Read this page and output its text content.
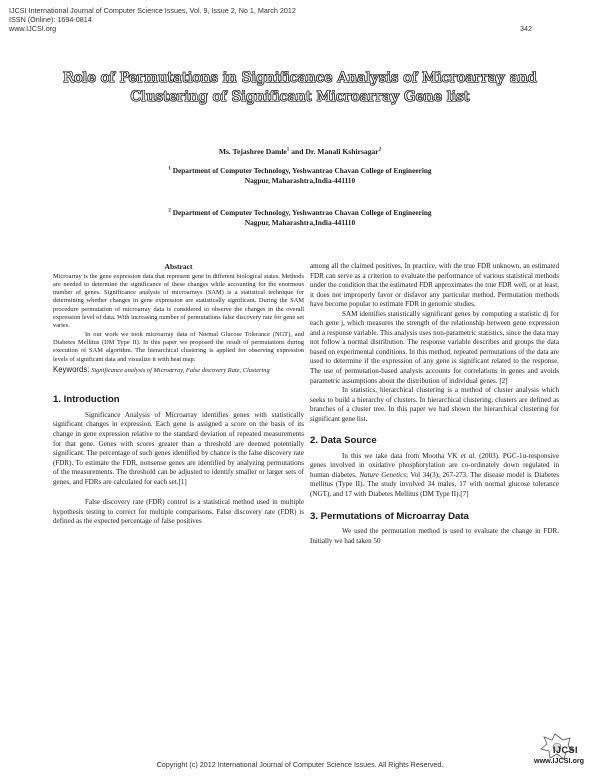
IJCSI International Journal of Computer Science Issues, Vol. 9, Issue 2, No 1, March 2012
ISSN (Online): 1694-0814
www.IJCSI.org	342
Role of Permutations in Significance Analysis of Microarray and Clustering of Significant Microarray Gene list
Ms. Tejashree Damle$^1$ and Dr. Manali Kshirsagar$^2$
$^1$ Department of Computer Technology, Yeshwantrao Chavan College of Engineering
Nagpur, Maharashtra,India-441110
$^2$ Department of Computer Technology, Yeshwantrao Chavan College of Engineering
Nagpur, Maharashtra,India-441110
Abstract

Microarray is the gene expression data that represent gene in different biological states. Methods are needed to determine the significance of these changes while accounting for the enormous number of genes. Significance analysis of microarrays (SAM) is a statistical technique for determining whether changes in gene expression are statistically significant. During the SAM procedure permutation of microarray data is considered to observe the changes in the overall expression level of data. With increasing number of permutations false discovery rate for gene set varies.

In our work we took microarray data of Normal Glucose Tolerance (NGT), and Diabetes Mellitus (DM Type II). In this paper we proposed the result of permutations during execution of SAM algorithm. The hierarchical clustering is applied for observing expression levels of significant data and visualize it with heat map.

Keywords: Significance analysis of Microarray, False discovery Rate, Clustering
1. Introduction

Significance Analysis of Microarray identifies genes with statistically significant changes in expression. Each gene is assigned a score on the basis of its change in gene expression relative to the standard deviation of repeated measurements for that gene. Genes with scores greater than a threshold are deemed potentially significant. The percentage of such genes identified by chance is the false discovery rate (FDR). To estimate the FDR, nonsense genes are identified by analyzing permutations of the measurements. The threshold can be adjusted to identify smaller or larger sets of genes, and FDRs are calculated for each set.[1]

False discovery rate (FDR) control is a statistical method used in multiple hypothesis testing to correct for multiple comparisons. False discovery rate (FDR) is defined as the expected percentage of false positives

among all the claimed positives. In practice, with the true FDR unknown, an estimated FDR can serve as a criterion to evaluate the performance of various statistical methods under the condition that the estimated FDR approximates the true FDR well, or at least, it does not improperly favor or disfavor any particular method. Permutation methods have become popular to estimate FDR in genomic studies.

SAM identifies statistically significant genes by computing a statistic dj for each gene j, which measures the strength of the relationship between gene expression and a response variable. This analysis uses non-parametric statistics, since the data may not follow a normal distribution. The response variable describes and groups the data based on experimental conditions. In this method, repeated permutations of the data are used to determine if the expression of any gene is significant related to the response. The use of permutation-based analysis accounts for correlations in genes and avoids parametric assumptions about the distribution of individual genes. [2]

In statistics, hierarchical clustering is a method of cluster analysis which seeks to build a hierarchy of clusters. In hierarchical clustering, clusters are defined as branches of a cluster tree. In this paper we had shown the hierarchical clustering for significant gene list.

2. Data Source

In this we take data from Mootha VK et al. (2003). PGC-1α-responsive genes involved in oxidative phosphorylation are co-ordinately down regulated in human diabetes. Nature Genetics; Vol 34(3); 267-273. The disease model is Diabetes mellitus (Type II). The study involved 34 males, 17 with normal glucose tolerance (NGT), and 17 with Diabetes Mellitus (DM Type II).[7]

3. Permutations of Microarray Data

We used the permutation method is used to evaluate the change in FDR. Initially we had taken 50

IJCSI
www.IJCSI.org
Copyright (c) 2012 International Journal of Computer Science Issues. All Rights Reserved.
